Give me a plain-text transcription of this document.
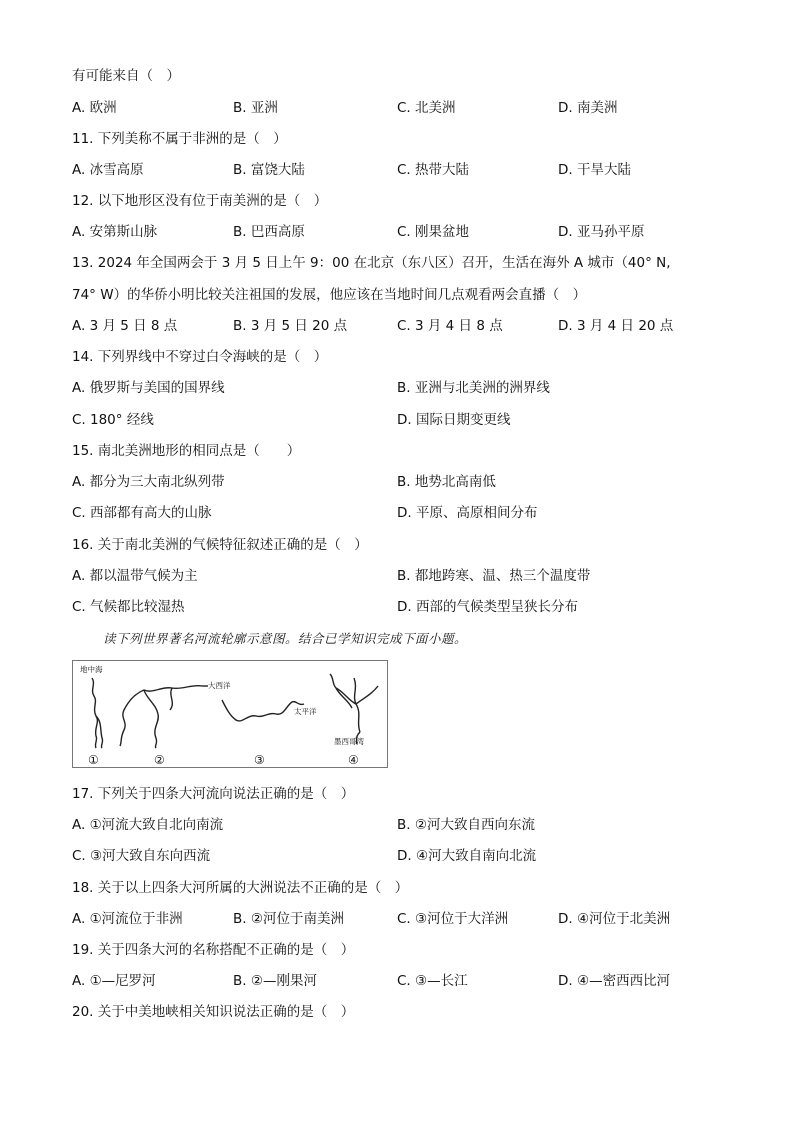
有可能来自（　）
A. 欧洲	B. 亚洲	C. 北美洲	D. 南美洲
11. 下列美称不属于非洲的是（　）
A. 冰雪高原	B. 富饶大陆	C. 热带大陆	D. 干旱大陆
12. 以下地形区没有位于南美洲的是（　）
A. 安第斯山脉	B. 巴西高原	C. 刚果盆地	D. 亚马孙平原
13. 2024 年全国两会于 3 月 5 日上午 9：00 在北京（东八区）召开，生活在海外 A 城市（40° N,
74° W）的华侨小明比较关注祖国的发展，他应该在当地时间几点观看两会直播（　）
A. 3 月 5 日 8 点	B. 3 月 5 日 20 点	C. 3 月 4 日 8 点	D. 3 月 4 日 20 点
14. 下列界线中不穿过白令海峡的是（　）
A. 俄罗斯与美国的国界线	B. 亚洲与北美洲的洲界线
C. 180° 经线	D. 国际日期变更线
15. 南北美洲地形的相同点是（　　）
A. 都分为三大南北纵列带	B. 地势北高南低
C. 西部都有高大的山脉	D. 平原、高原相间分布
16. 关于南北美洲的气候特征叙述正确的是（　）
A. 都以温带气候为主	B. 都地跨寒、温、热三个温度带
C. 气候都比较湿热	D. 西部的气候类型呈狭长分布
读下列世界著名河流轮廓示意图。结合已学知识完成下面小题。
地中海
大西洋
太平洋
墨西哥湾
①	②	③	④
17. 下列关于四条大河流向说法正确的是（　）
A. ①河流大致自北向南流	B. ②河大致自西向东流
C. ③河大致自东向西流	D. ④河大致自南向北流
18. 关于以上四条大河所属的大洲说法不正确的是（　）
A. ①河流位于非洲	B. ②河位于南美洲	C. ③河位于大洋洲	D. ④河位于北美洲
19. 关于四条大河的名称搭配不正确的是（　）
A. ①—尼罗河	B. ②—刚果河	C. ③—长江	D. ④—密西西比河
20. 关于中美地峡相关知识说法正确的是（　）
